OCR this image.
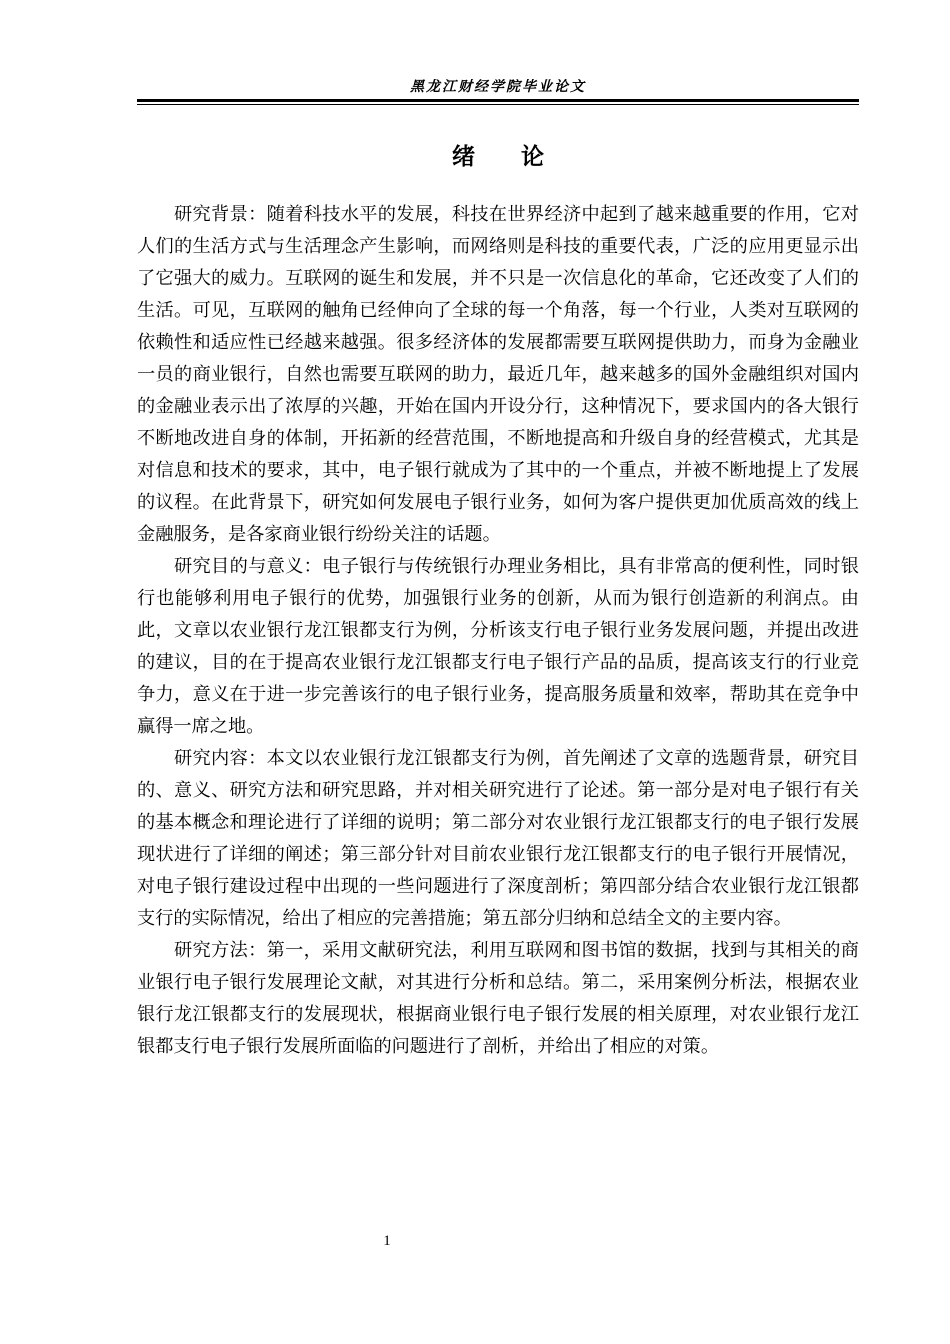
黑龙江财经学院毕业论文
绪 论

研究背景：随着科技水平的发展，科技在世界经济中起到了越来越重要的作用，它对人们的生活方式与生活理念产生影响，而网络则是科技的重要代表，广泛的应用更显示出了它强大的威力。互联网的诞生和发展，并不只是一次信息化的革命，它还改变了人们的生活。可见，互联网的触角已经伸向了全球的每一个角落，每一个行业，人类对互联网的依赖性和适应性已经越来越强。很多经济体的发展都需要互联网提供助力，而身为金融业一员的商业银行，自然也需要互联网的助力，最近几年，越来越多的国外金融组织对国内的金融业表示出了浓厚的兴趣，开始在国内开设分行，这种情况下，要求国内的各大银行不断地改进自身的体制，开拓新的经营范围，不断地提高和升级自身的经营模式，尤其是对信息和技术的要求，其中，电子银行就成为了其中的一个重点，并被不断地提上了发展的议程。在此背景下，研究如何发展电子银行业务，如何为客户提供更加优质高效的线上金融服务，是各家商业银行纷纷关注的话题。

研究目的与意义：电子银行与传统银行办理业务相比，具有非常高的便利性，同时银行也能够利用电子银行的优势，加强银行业务的创新，从而为银行创造新的利润点。由此，文章以农业银行龙江银都支行为例，分析该支行电子银行业务发展问题，并提出改进的建议，目的在于提高农业银行龙江银都支行电子银行产品的品质，提高该支行的行业竞争力，意义在于进一步完善该行的电子银行业务，提高服务质量和效率，帮助其在竞争中赢得一席之地。

研究内容：本文以农业银行龙江银都支行为例，首先阐述了文章的选题背景，研究目的、意义、研究方法和研究思路，并对相关研究进行了论述。第一部分是对电子银行有关的基本概念和理论进行了详细的说明；第二部分对农业银行龙江银都支行的电子银行发展现状进行了详细的阐述；第三部分针对目前农业银行龙江银都支行的电子银行开展情况，对电子银行建设过程中出现的一些问题进行了深度剖析；第四部分结合农业银行龙江银都支行的实际情况，给出了相应的完善措施；第五部分归纳和总结全文的主要内容。

研究方法：第一，采用文献研究法，利用互联网和图书馆的数据，找到与其相关的商业银行电子银行发展理论文献，对其进行分析和总结。第二，采用案例分析法，根据农业银行龙江银都支行的发展现状，根据商业银行电子银行发展的相关原理，对农业银行龙江银都支行电子银行发展所面临的问题进行了剖析，并给出了相应的对策。

1
